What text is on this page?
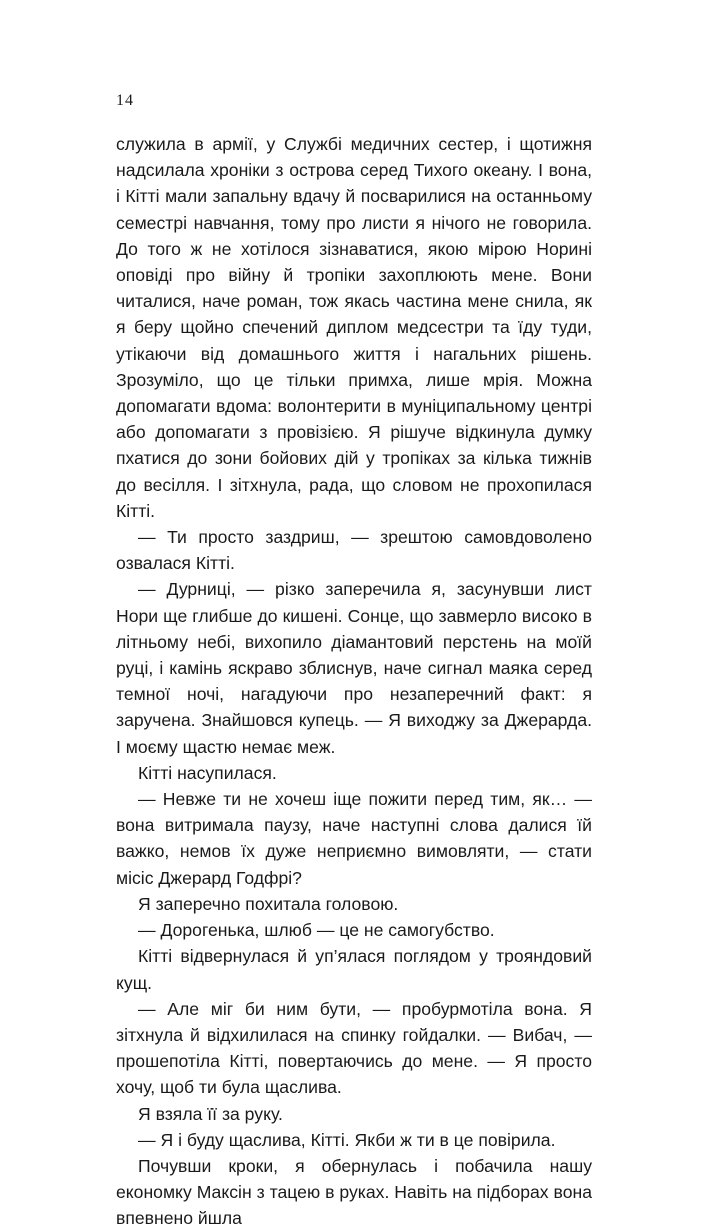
14

служила в армії, у Службі медичних сестер, і щотижня надсилала хроніки з острова серед Тихого океану. І вона, і Кітті мали запальну вдачу й посварилися на останньому семестрі навчання, тому про листи я нічого не говорила. До того ж не хотілося зізнаватися, якою мірою Норині оповіді про війну й тропіки захоплюють мене. Вони читалися, наче роман, тож якась частина мене снила, як я беру щойно спечений диплом медсестри та їду туди, утікаючи від домашнього життя і нагальних рішень. Зрозуміло, що це тільки примха, лише мрія. Можна допомагати вдома: волонтерити в муніципальному центрі або допомагати з провізією. Я рішуче відкинула думку пхатися до зони бойових дій у тропіках за кілька тижнів до весілля. І зітхнула, рада, що словом не прохопилася Кітті.

— Ти просто заздриш, — зрештою самовдоволено озвалася Кітті.

— Дурниці, — різко заперечила я, засунувши лист Нори ще глибше до кишені. Сонце, що завмерло високо в літньому небі, вихопило діамантовий перстень на моїй руці, і камінь яскраво зблиснув, наче сигнал маяка серед темної ночі, нагадуючи про незаперечний факт: я заручена. Знайшовся купець. — Я виходжу за Джерарда. І моєму щастю немає меж.

Кітті насупилася.

— Невже ти не хочеш іще пожити перед тим, як… — вона витримала паузу, наче наступні слова далися їй важко, немов їх дуже неприємно вимовляти, — стати місіс Джерард Годфрі?

Я заперечно похитала головою.

— Дорогенька, шлюб — це не самогубство.

Кітті відвернулася й уп’ялася поглядом у трояндовий кущ.

— Але міг би ним бути, — пробурмотіла вона. Я зітхнула й відхилилася на спинку гойдалки. — Вибач, — прошепотіла Кітті, повертаючись до мене. — Я просто хочу, щоб ти була щаслива.

Я взяла її за руку.

— Я і буду щаслива, Кітті. Якби ж ти в це повірила.

Почувши кроки, я обернулась і побачила нашу економку Максін з тацею в руках. Навіть на підборах вона впевнено йшла
